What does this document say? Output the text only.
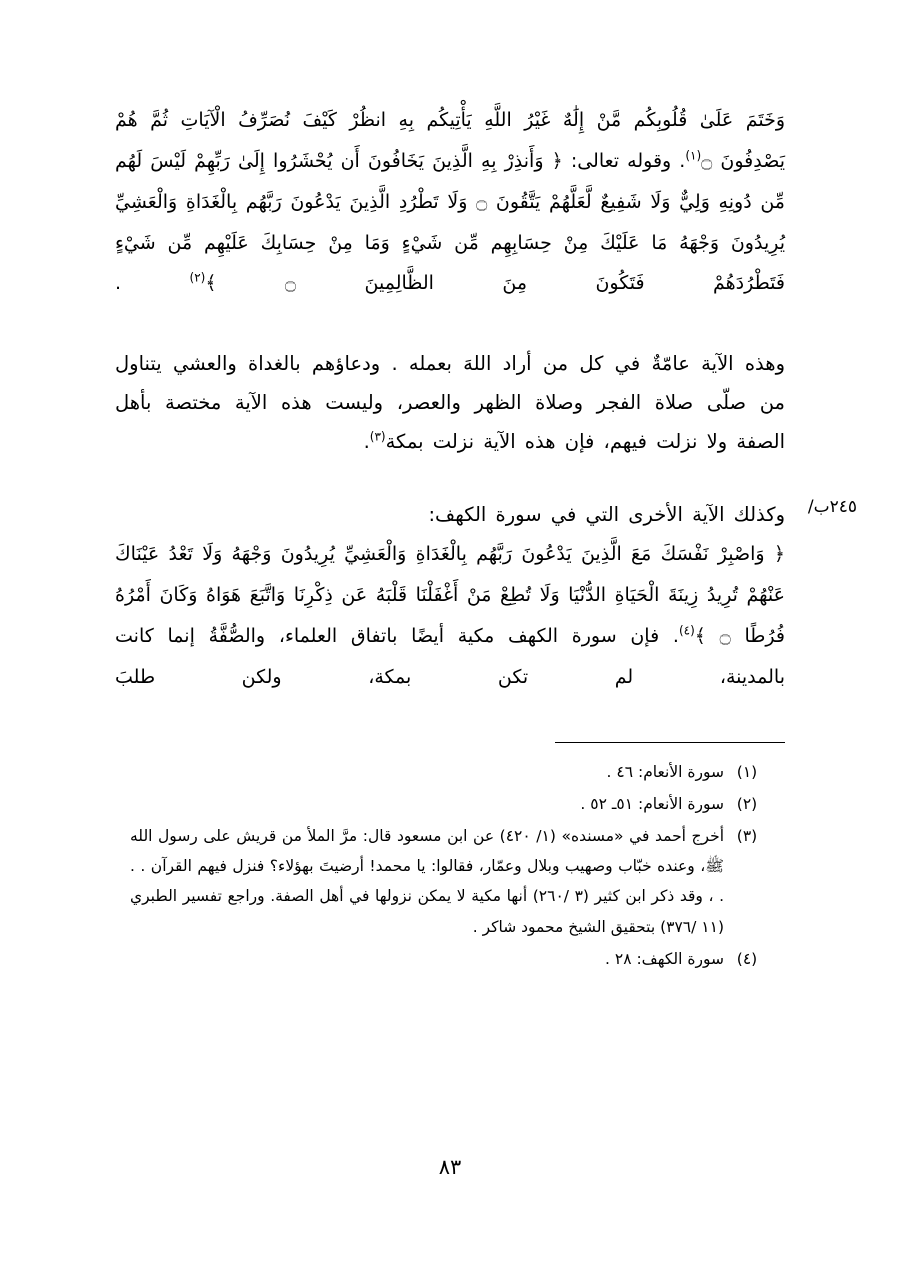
وَخَتَمَ عَلَىٰ قُلُوبِكُم مَّنْ إِلَٰهٌ غَيْرُ اللَّهِ يَأْتِيكُم بِهِ انظُرْ كَيْفَ نُصَرِّفُ الْآيَاتِ ثُمَّ هُمْ يَصْدِفُونَ ۝$^{(١)}$. وقوله تعالى: ﴿ وَأَنذِرْ بِهِ الَّذِينَ يَخَافُونَ أَن يُحْشَرُوا إِلَىٰ رَبِّهِمْ لَيْسَ لَهُم مِّن دُونِهِ وَلِيٌّ وَلَا شَفِيعٌ لَّعَلَّهُمْ يَتَّقُونَ ۝ وَلَا تَطْرُدِ الَّذِينَ يَدْعُونَ رَبَّهُم بِالْغَدَاةِ وَالْعَشِيِّ يُرِيدُونَ وَجْهَهُ مَا عَلَيْكَ مِنْ حِسَابِهِم مِّن شَيْءٍ وَمَا مِنْ حِسَابِكَ عَلَيْهِم مِّن شَيْءٍ فَتَطْرُدَهُمْ فَتَكُونَ مِنَ الظَّالِمِينَ ۝ ﴾$^{(٢)}$ .
وهذه الآية عامّةٌ في كل من أراد اللهَ بعمله . ودعاؤهم بالغداة والعشي يتناول من صلّى صلاة الفجر وصلاة الظهر والعصر، وليست هذه الآية مختصة بأهل الصفة ولا نزلت فيهم، فإن هذه الآية نزلت بمكة$^{(٣)}$.
٢٤٥ب/
وكذلك الآية الأخرى التي في سورة الكهف:
﴿ وَاصْبِرْ نَفْسَكَ مَعَ الَّذِينَ يَدْعُونَ رَبَّهُم بِالْغَدَاةِ وَالْعَشِيِّ يُرِيدُونَ وَجْهَهُ وَلَا تَعْدُ عَيْنَاكَ عَنْهُمْ تُرِيدُ زِينَةَ الْحَيَاةِ الدُّنْيَا وَلَا تُطِعْ مَنْ أَغْفَلْنَا قَلْبَهُ عَن ذِكْرِنَا وَاتَّبَعَ هَوَاهُ وَكَانَ أَمْرُهُ فُرُطًا ۝ ﴾$^{(٤)}$. فإن سورة الكهف مكية أيضًا باتفاق العلماء، والصُّفَّةُ إنما كانت بالمدينة، لم تكن بمكة، ولكن طلبَ
(١)
سورة الأنعام: ٤٦ .
(٢)
سورة الأنعام: ٥١ـ ٥٢ .
(٣)
أخرج أحمد في «مسنده» (١/ ٤٢٠) عن ابن مسعود قال: مرَّ الملأ من قريش على رسول الله ﷺ، وعنده خبّاب وصهيب وبلال وعمّار، فقالوا: يا محمد! أرضيتَ بهؤلاء؟ فنزل فيهم القرآن . . . ، وقد ذكر ابن كثير (٣ /٢٦٠) أنها مكية لا يمكن نزولها في أهل الصفة. وراجع تفسير الطبري (١١ /٣٧٦) بتحقيق الشيخ محمود شاكر .
(٤)
سورة الكهف: ٢٨ .
٨٣
